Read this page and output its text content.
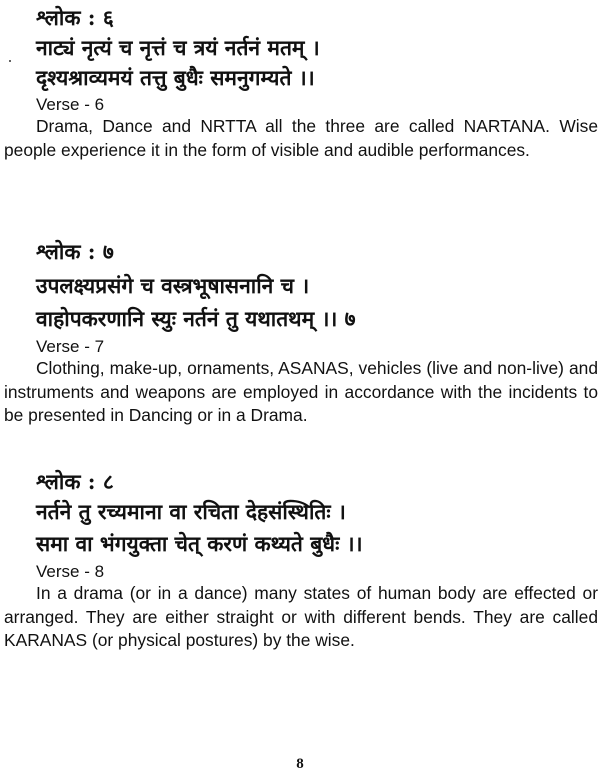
श्लोक : ६

नाट्यं नृत्यं च नृत्तं च त्रयं नर्तनं मतम् ।

दृश्यश्राव्यमयं तत्तु बुधैः समनुगम्यते ।।

Verse - 6

Drama, Dance and NRTTA all the three are called NARTANA. Wise people experience it in the form of visible and audible performances.

श्लोक : ७

उपलक्ष्यप्रसंगे च वस्त्रभूषासनानि च ।

वाहोपकरणानि स्युः नर्तनं तु यथातथम् ।। ७

Verse - 7

Clothing, make-up, ornaments, ASANAS, vehicles (live and non-live) and instruments and weapons are employed in accordance with the incidents to be presented in Dancing or in a Drama.

श्लोक : ८

नर्तने तु रच्यमाना वा रचिता देहसंस्थितिः ।

समा वा भंगयुक्ता चेत् करणं कथ्यते बुधैः ।।

Verse - 8

In a drama (or in a dance) many states of human body are effected or arranged. They are either straight or with different bends. They are called KARANAS (or physical postures) by the wise.

8
